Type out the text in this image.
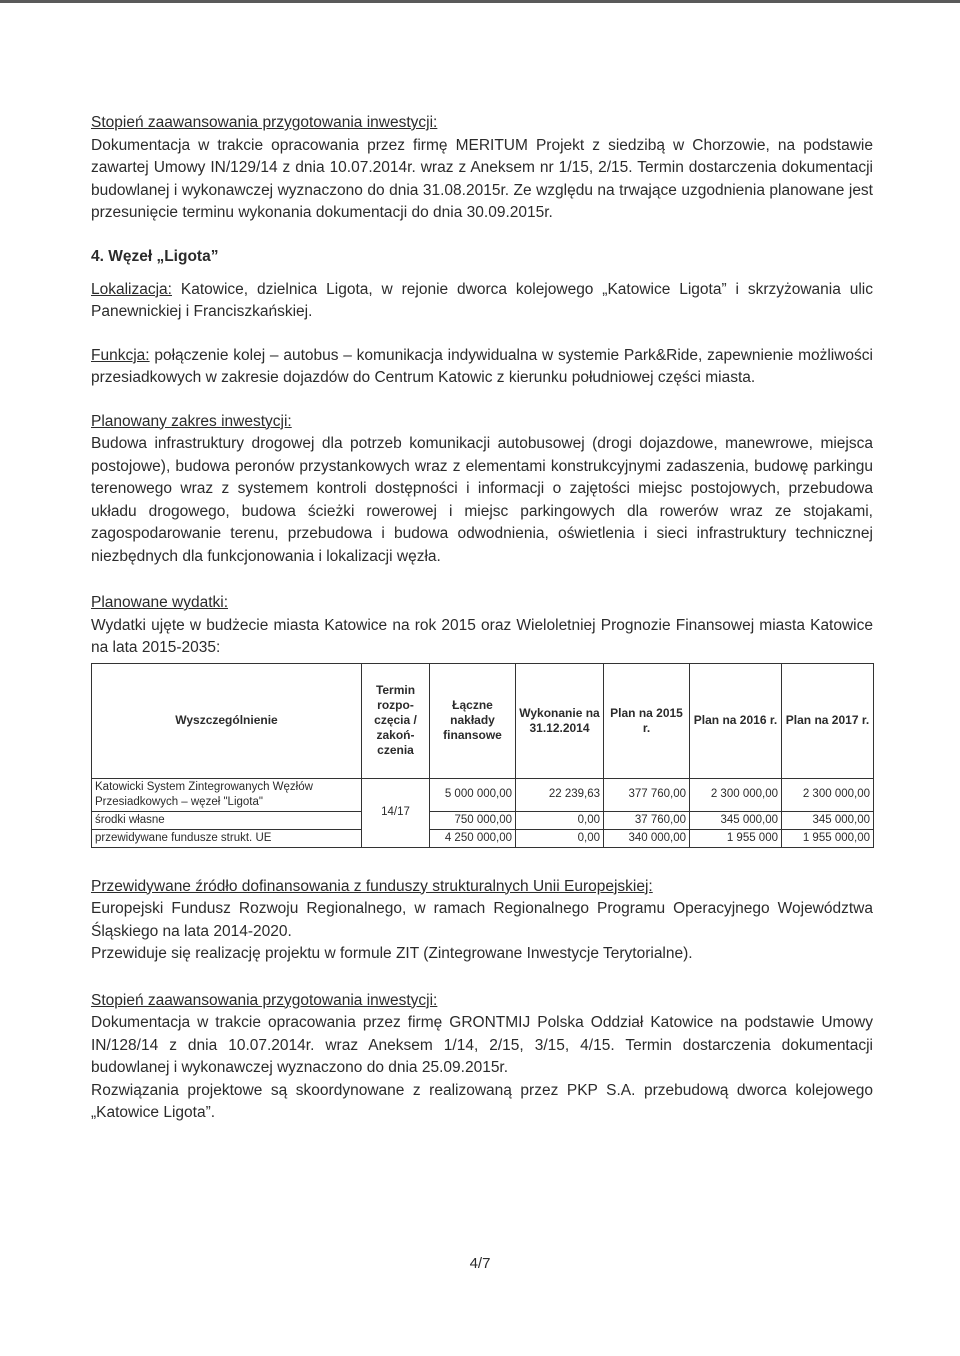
Stopień zaawansowania przygotowania inwestycji:

Dokumentacja w trakcie opracowania przez firmę MERITUM Projekt z siedzibą w Chorzowie, na podstawie zawartej Umowy IN/129/14 z dnia 10.07.2014r. wraz z Aneksem nr 1/15, 2/15. Termin dostarczenia dokumentacji budowlanej i wykonawczej wyznaczono do dnia 31.08.2015r. Ze względu na trwające uzgodnienia planowane jest przesunięcie terminu wykonania dokumentacji do dnia 30.09.2015r.

4. Węzeł „Ligota”

Lokalizacja: Katowice, dzielnica Ligota, w rejonie dworca kolejowego „Katowice Ligota” i skrzyżowania ulic Panewnickiej i Franciszkańskiej.

Funkcja: połączenie kolej – autobus – komunikacja indywidualna w systemie Park&Ride, zapewnienie możliwości przesiadkowych w zakresie dojazdów do Centrum Katowic z kierunku południowej części miasta.

Planowany zakres inwestycji:

Budowa infrastruktury drogowej dla potrzeb komunikacji autobusowej (drogi dojazdowe, manewrowe, miejsca postojowe), budowa peronów przystankowych wraz z elementami konstrukcyjnymi zadaszenia, budowę parkingu terenowego wraz z systemem kontroli dostępności i informacji o zajętości miejsc postojowych, przebudowa układu drogowego, budowa ścieżki rowerowej i miejsc parkingowych dla rowerów wraz ze stojakami, zagospodarowanie terenu, przebudowa i budowa odwodnienia, oświetlenia i sieci infrastruktury technicznej niezbędnych dla funkcjonowania i lokalizacji węzła.

Planowane wydatki:

Wydatki ujęte w budżecie miasta Katowice na rok 2015 oraz Wieloletniej Prognozie Finansowej miasta Katowice na lata 2015-2035:

Wyszczególnienie	Termin rozpo-częcia / zakoń-czenia	Łączne nakłady finansowe	Wykonanie na 31.12.2014	Plan na 2015 r.	Plan na 2016 r.	Plan na 2017 r.
Katowicki System Zintegrowanych Węzłów Przesiadkowych – węzeł "Ligota"	14/17	5 000 000,00	22 239,63	377 760,00	2 300 000,00	2 300 000,00
środki własne		750 000,00	0,00	37 760,00	345 000,00	345 000,00
przewidywane fundusze strukt. UE		4 250 000,00	0,00	340 000,00	1 955 000	1 955 000,00

Przewidywane źródło dofinansowania z funduszy strukturalnych Unii Europejskiej:

Europejski Fundusz Rozwoju Regionalnego, w ramach Regionalnego Programu Operacyjnego Województwa Śląskiego na lata 2014-2020.

Przewiduje się realizację projektu w formule ZIT (Zintegrowane Inwestycje Terytorialne).

Stopień zaawansowania przygotowania inwestycji:

Dokumentacja w trakcie opracowania przez firmę GRONTMIJ Polska Oddział Katowice na podstawie Umowy IN/128/14 z dnia 10.07.2014r. wraz Aneksem 1/14, 2/15, 3/15, 4/15. Termin dostarczenia dokumentacji budowlanej i wykonawczej wyznaczono do dnia 25.09.2015r.

Rozwiązania projektowe są skoordynowane z realizowaną przez PKP S.A. przebudową dworca kolejowego „Katowice Ligota”.

4/7
